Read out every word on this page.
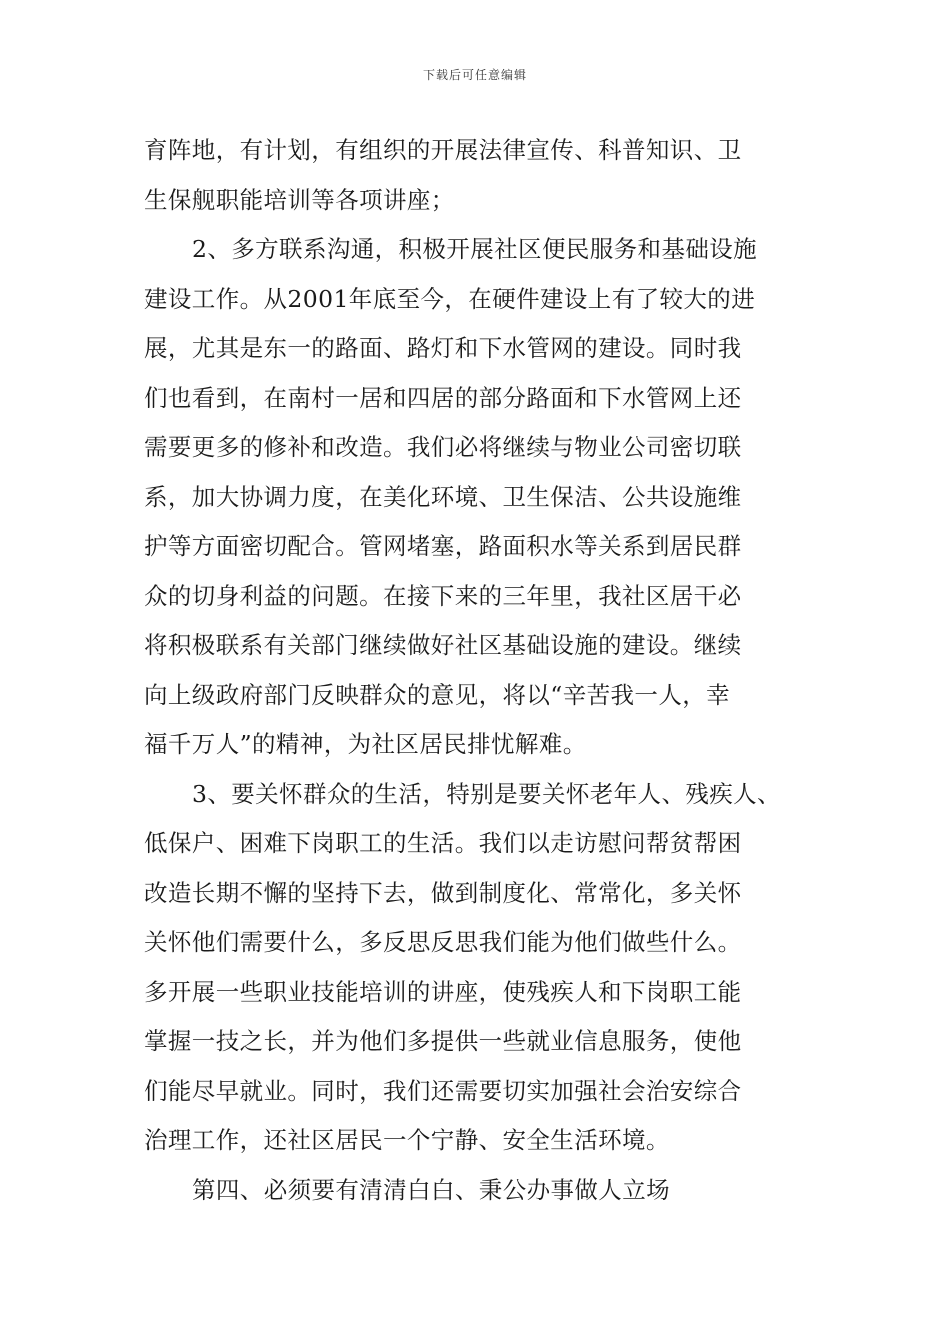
下载后可任意编辑
育阵地，有计划，有组织的开展法律宣传、科普知识、卫
生保舰职能培训等各项讲座；
2、多方联系沟通，积极开展社区便民服务和基础设施
建设工作。从2001年底至今，在硬件建设上有了较大的进
展，尤其是东一的路面、路灯和下水管网的建设。同时我
们也看到，在南村一居和四居的部分路面和下水管网上还
需要更多的修补和改造。我们必将继续与物业公司密切联
系，加大协调力度，在美化环境、卫生保洁、公共设施维
护等方面密切配合。管网堵塞，路面积水等关系到居民群
众的切身利益的问题。在接下来的三年里，我社区居干必
将积极联系有关部门继续做好社区基础设施的建设。继续
向上级政府部门反映群众的意见，将以“辛苦我一人，幸
福千万人”的精神，为社区居民排忧解难。
3、要关怀群众的生活，特别是要关怀老年人、残疾人、
低保户、困难下岗职工的生活。我们以走访慰问帮贫帮困
改造长期不懈的坚持下去，做到制度化、常常化，多关怀
关怀他们需要什么，多反思反思我们能为他们做些什么。
多开展一些职业技能培训的讲座，使残疾人和下岗职工能
掌握一技之长，并为他们多提供一些就业信息服务，使他
们能尽早就业。同时，我们还需要切实加强社会治安综合
治理工作，还社区居民一个宁静、安全生活环境。
第四、必须要有清清白白、秉公办事做人立场
